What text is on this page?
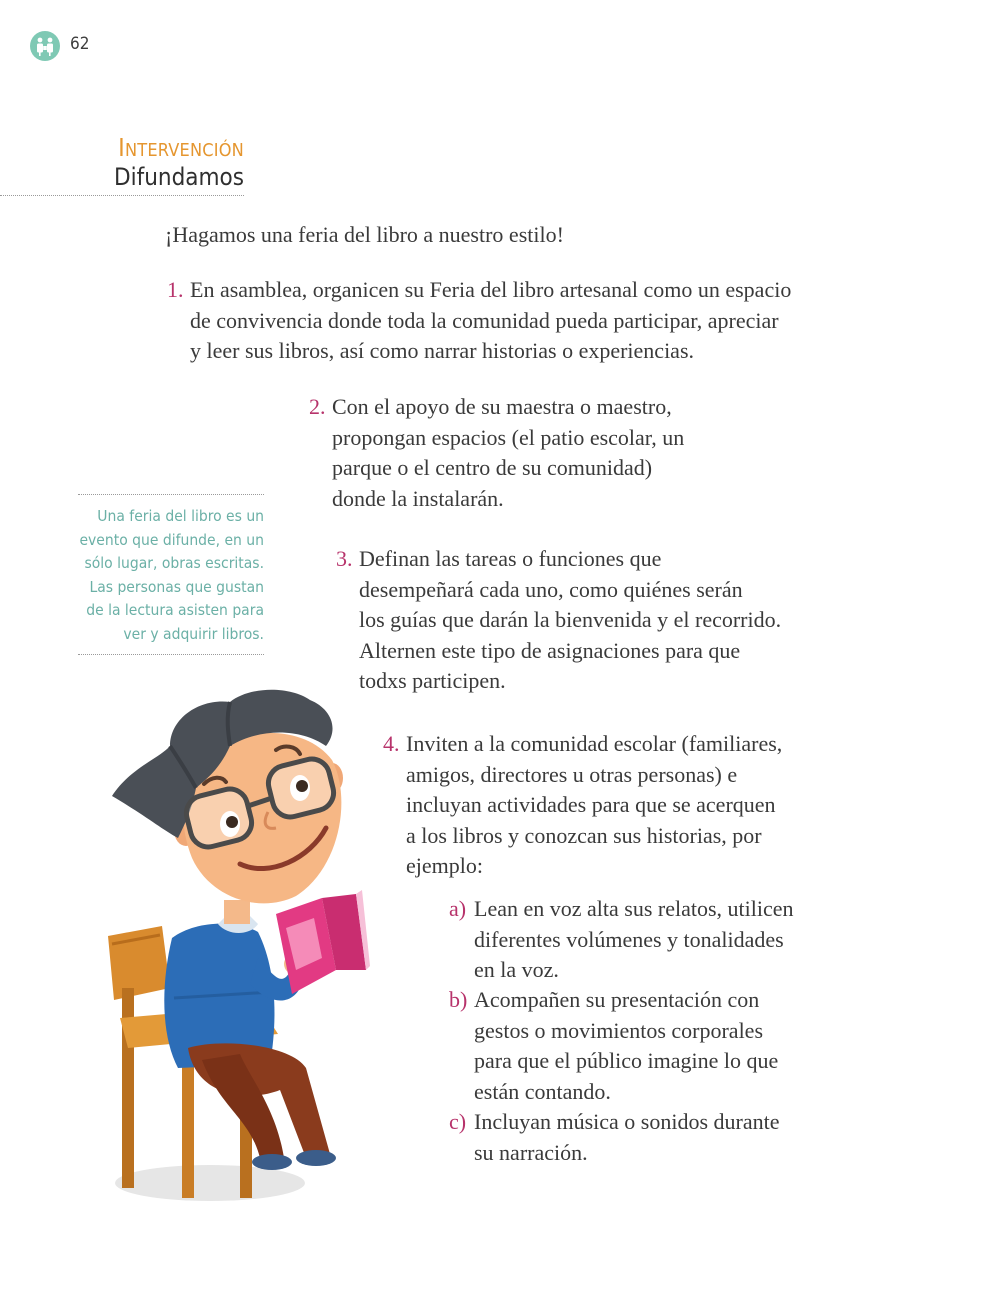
62
Intervención
Difundamos
¡Hagamos una feria del libro a nuestro estilo!
1. En asamblea, organicen su Feria del libro artesanal como un espacio
de convivencia donde toda la comunidad pueda participar, apreciar
y leer sus libros, así como narrar historias o experiencias.
2. Con el apoyo de su maestra o maestro,
propongan espacios (el patio escolar, un
parque o el centro de su comunidad)
donde la instalarán.
Una feria del libro es un
evento que difunde, en un
sólo lugar, obras escritas.
Las personas que gustan
de la lectura asisten para
ver y adquirir libros.
3. Definan las tareas o funciones que
desempeñará cada uno, como quiénes serán
los guías que darán la bienvenida y el recorrido.
Alternen este tipo de asignaciones para que
todxs participen.
4. Inviten a la comunidad escolar (familiares,
amigos, directores u otras personas) e
incluyan actividades para que se acerquen
a los libros y conozcan sus historias, por
ejemplo:
a) Lean en voz alta sus relatos, utilicen
diferentes volúmenes y tonalidades
en la voz.
b) Acompañen su presentación con
gestos o movimientos corporales
para que el público imagine lo que
están contando.
c) Incluyan música o sonidos durante
su narración.
